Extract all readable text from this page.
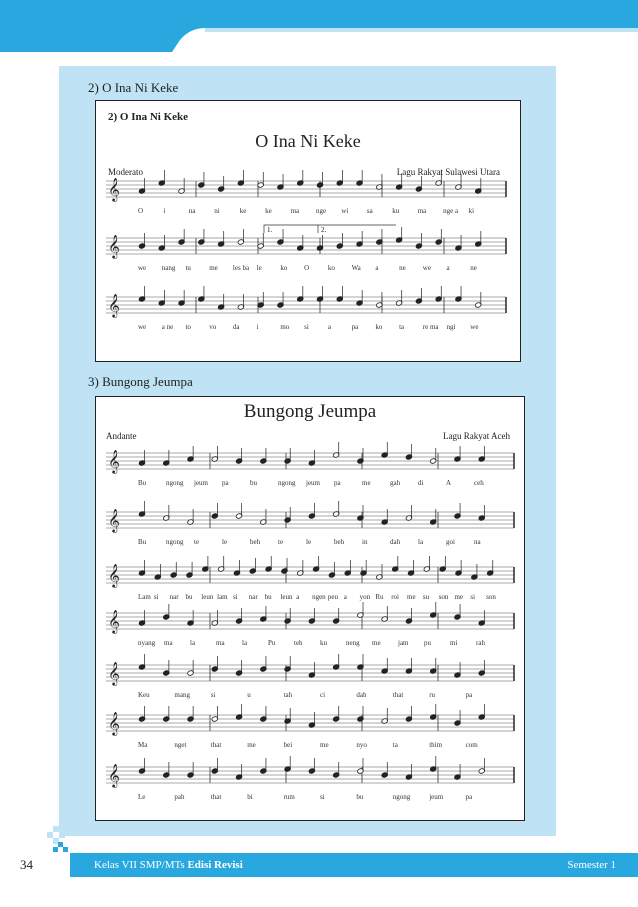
2) O Ina Ni Keke
2) O Ina Ni Keke
O Ina Ni Keke
Moderato	Lagu Rakyat Sulawesi Utara
𝄞
𝄞
𝄞
1.	2.
O	i	na	ni	ke	ke	ma nge wi	sa	ku	ma nge a ki
we nang tu	me les ba le	ko O	ko Wa a	ne we a	ne
we a ne to	vo da i	mo si	a	pa ko ta	re ma ngi we
3) Bungong Jeumpa
Bungong Jeumpa
Andante	Lagu Rakyat Aceh
𝄞
𝄞
𝄞
𝄞
𝄞
𝄞
𝄞
Bu	ngong jeum pa	bu	ngong jeum pa	me	gah	di	A	ceh
Bu	ngong te	le	beh	te	le	beh	in	dah	la	goi	na
Lam si nar bu leun lam si nar bu leun a ngen peu a yon Ru roi me su son me si son
nyang ma la	ma la	Pu	teh ku	neng me jam pu	mi	rah
Keu	mang	si	u	tah	ci	dah	that	ru	pa
Ma	nget	that	me	bei	me	nyo	ta	thim	com
Le	pah	that	bi	rum	si	bu	ngong	jeum	pa
34	Kelas VII SMP/MTs Edisi Revisi	Semester 1
